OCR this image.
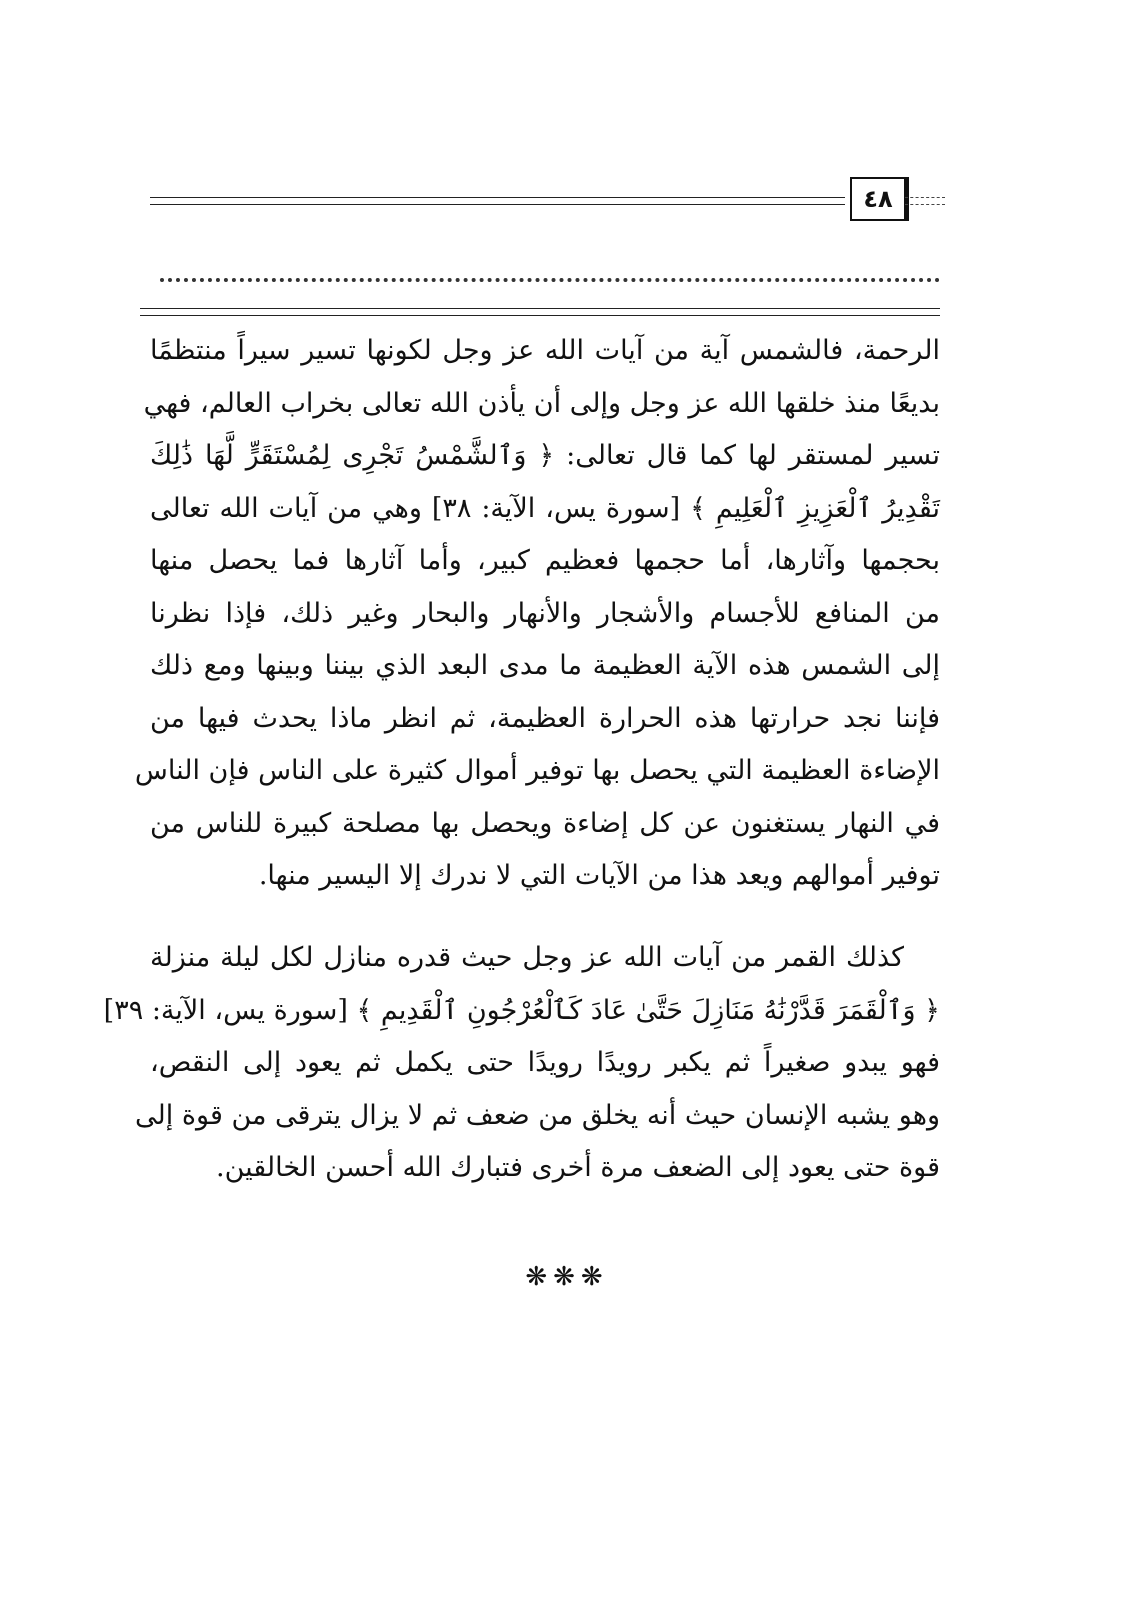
٤٨
الرحمة، فالشمس آية من آيات الله عز وجل لكونها تسير سيراً منتظمًا
بديعًا منذ خلقها الله عز وجل وإلى أن يأذن الله تعالى بخراب العالم، فهي
تسير لمستقر لها كما قال تعالى: ﴿ وَٱلشَّمْسُ تَجْرِى لِمُسْتَقَرٍّ لَّهَا ذَٰلِكَ
تَقْدِيرُ ٱلْعَزِيزِ ٱلْعَلِيمِ ﴾ [سورة يس، الآية: ٣٨] وهي من آيات الله تعالى
بحجمها وآثارها، أما حجمها فعظيم كبير، وأما آثارها فما يحصل منها
من المنافع للأجسام والأشجار والأنهار والبحار وغير ذلك، فإذا نظرنا
إلى الشمس هذه الآية العظيمة ما مدى البعد الذي بيننا وبينها ومع ذلك
فإننا نجد حرارتها هذه الحرارة العظيمة، ثم انظر ماذا يحدث فيها من
الإضاءة العظيمة التي يحصل بها توفير أموال كثيرة على الناس فإن الناس
في النهار يستغنون عن كل إضاءة ويحصل بها مصلحة كبيرة للناس من
توفير أموالهم ويعد هذا من الآيات التي لا ندرك إلا اليسير منها.
كذلك القمر من آيات الله عز وجل حيث قدره منازل لكل ليلة منزلة
﴿ وَٱلْقَمَرَ قَدَّرْنَٰهُ مَنَازِلَ حَتَّىٰ عَادَ كَٱلْعُرْجُونِ ٱلْقَدِيمِ ﴾ [سورة يس، الآية: ٣٩]
فهو يبدو صغيراً ثم يكبر رويدًا رويدًا حتى يكمل ثم يعود إلى النقص،
وهو يشبه الإنسان حيث أنه يخلق من ضعف ثم لا يزال يترقى من قوة إلى
قوة حتى يعود إلى الضعف مرة أخرى فتبارك الله أحسن الخالقين.
❋❋❋
